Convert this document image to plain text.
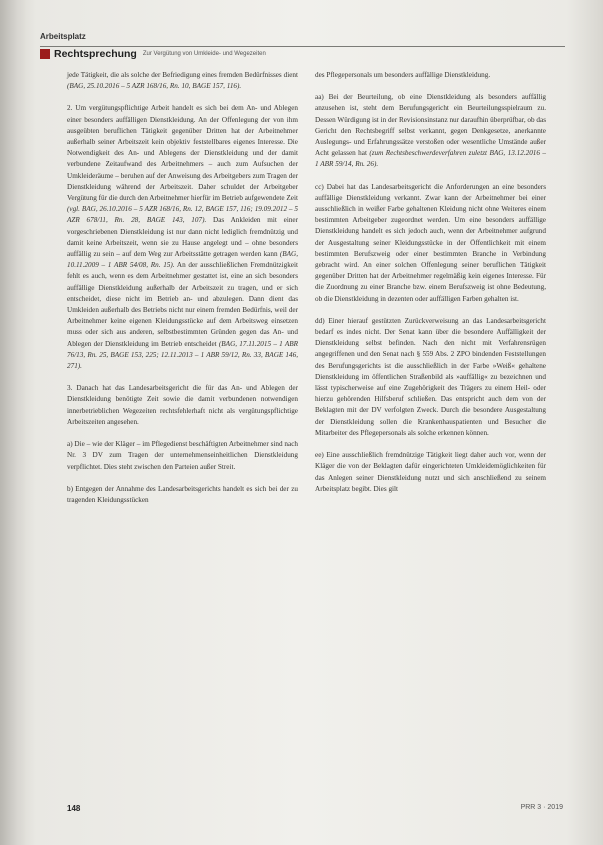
Arbeitsplatz
Rechtsprechung Zur Vergütung von Umkleide- und Wegezeiten

jede Tätigkeit, die als solche der Befriedigung eines fremden Bedürfnisses dient (BAG, 25.10.2016 – 5 AZR 168/16, Rn. 10, BAGE 157, 116).

2. Um vergütungspflichtige Arbeit handelt es sich bei dem An- und Ablegen einer besonders auffälligen Dienstkleidung. An der Offenlegung der von ihm ausgeübten beruflichen Tätigkeit gegenüber Dritten hat der Arbeitnehmer außerhalb seiner Arbeitszeit kein objektiv feststellbares eigenes Interesse. Die Notwendigkeit des An- und Ablegens der Dienstkleidung und der damit verbundene Zeitaufwand des Arbeitnehmers – auch zum Aufsuchen der Umkleideräume – beruhen auf der Anweisung des Arbeitgebers zum Tragen der Dienstkleidung während der Arbeitszeit. Daher schuldet der Arbeitgeber Vergütung für die durch den Arbeitnehmer hierfür im Betrieb aufgewendete Zeit (vgl. BAG, 26.10.2016 – 5 AZR 168/16, Rn. 12, BAGE 157, 116; 19.09.2012 – 5 AZR 678/11, Rn. 28, BAGE 143, 107). Das Ankleiden mit einer vorgeschriebenen Dienstkleidung ist nur dann nicht lediglich fremdnützig und damit keine Arbeitszeit, wenn sie zu Hause angelegt und – ohne besonders auffällig zu sein – auf dem Weg zur Arbeitsstätte getragen werden kann (BAG, 10.11.2009 – 1 ABR 54/08, Rn. 15). An der ausschließlichen Fremdnützigkeit fehlt es auch, wenn es dem Arbeitnehmer gestattet ist, eine an sich besonders auffällige Dienstkleidung außerhalb der Arbeitszeit zu tragen, und er sich entscheidet, diese nicht im Betrieb an- und abzulegen. Dann dient das Umkleiden außerhalb des Betriebs nicht nur einem fremden Bedürfnis, weil der Arbeitnehmer keine eigenen Kleidungsstücke auf dem Arbeitsweg einsetzen muss oder sich aus anderen, selbstbestimmten Gründen gegen das An- und Ablegen der Dienstkleidung im Betrieb entscheidet (BAG, 17.11.2015 – 1 ABR 76/13, Rn. 25, BAGE 153, 225; 12.11.2013 – 1 ABR 59/12, Rn. 33, BAGE 146, 271).

3. Danach hat das Landesarbeitsgericht die für das An- und Ablegen der Dienstkleidung benötigte Zeit sowie die damit verbundenen notwendigen innerbetrieblichen Wegezeiten rechtsfehlerhaft nicht als vergütungspflichtige Arbeitszeiten angesehen.

a) Die – wie der Kläger – im Pflegedienst beschäftigten Arbeitnehmer sind nach Nr. 3 DV zum Tragen der unternehmenseinheitlichen Dienstkleidung verpflichtet. Dies steht zwischen den Parteien außer Streit.

b) Entgegen der Annahme des Landesarbeitsgerichts handelt es sich bei der zu tragenden Kleidungsstücken

des Pflegepersonals um besonders auffällige Dienstkleidung.

aa) Bei der Beurteilung, ob eine Dienstkleidung als besonders auffällig anzusehen ist, steht dem Berufungsgericht ein Beurteilungsspielraum zu. Dessen Würdigung ist in der Revisionsinstanz nur daraufhin überprüfbar, ob das Gericht den Rechtsbegriff selbst verkannt, gegen Denkgesetze, anerkannte Auslegungs- und Erfahrungssätze verstoßen oder wesentliche Umstände außer Acht gelassen hat (zum Rechtsbeschwerdeverfahren zuletzt BAG, 13.12.2016 – 1 ABR 59/14, Rn. 26).

cc) Dabei hat das Landesarbeitsgericht die Anforderungen an eine besonders auffällige Dienstkleidung verkannt. Zwar kann der Arbeitnehmer bei einer ausschließlich in weißer Farbe gehaltenen Kleidung nicht ohne Weiteres einem bestimmten Arbeitgeber zugeordnet werden. Um eine besonders auffällige Dienstkleidung handelt es sich jedoch auch, wenn der Arbeitnehmer aufgrund der Ausgestaltung seiner Kleidungsstücke in der Öffentlichkeit mit einem bestimmten Berufszweig oder einer bestimmten Branche in Verbindung gebracht wird. An einer solchen Offenlegung seiner beruflichen Tätigkeit gegenüber Dritten hat der Arbeitnehmer regelmäßig kein eigenes Interesse. Für die Zuordnung zu einer Branche bzw. einem Berufszweig ist ohne Bedeutung, ob die Dienstkleidung in dezenten oder auffälligen Farben gehalten ist.

dd) Einer hierauf gestützten Zurückverweisung an das Landesarbeitsgericht bedarf es indes nicht. Der Senat kann über die besondere Auffälligkeit der Dienstkleidung selbst befinden. Nach den nicht mit Verfahrensrügen angegriffenen und den Senat nach § 559 Abs. 2 ZPO bindenden Feststellungen des Berufungsgerichts ist die ausschließlich in der Farbe »Weiß« gehaltene Dienstkleidung im öffentlichen Straßenbild als »auffällig« zu bezeichnen und lässt typischerweise auf eine Zugehörigkeit des Trägers zu einem Heil- oder hierzu gehörenden Hilfsberuf schließen. Das entspricht auch dem von der Beklagten mit der DV verfolgten Zweck. Durch die besondere Ausgestaltung der Dienstkleidung sollen die Krankenhauspatienten und Besucher die Mitarbeiter des Pflegepersonals als solche erkennen können.

ee) Eine ausschließlich fremdnützige Tätigkeit liegt daher auch vor, wenn der Kläger die von der Beklagten dafür eingerichteten Umkleidemöglichkeiten für das Anlegen seiner Dienstkleidung nutzt und sich anschließend zu seinem Arbeitsplatz begibt. Dies gilt

148	PRR 3 · 2019
